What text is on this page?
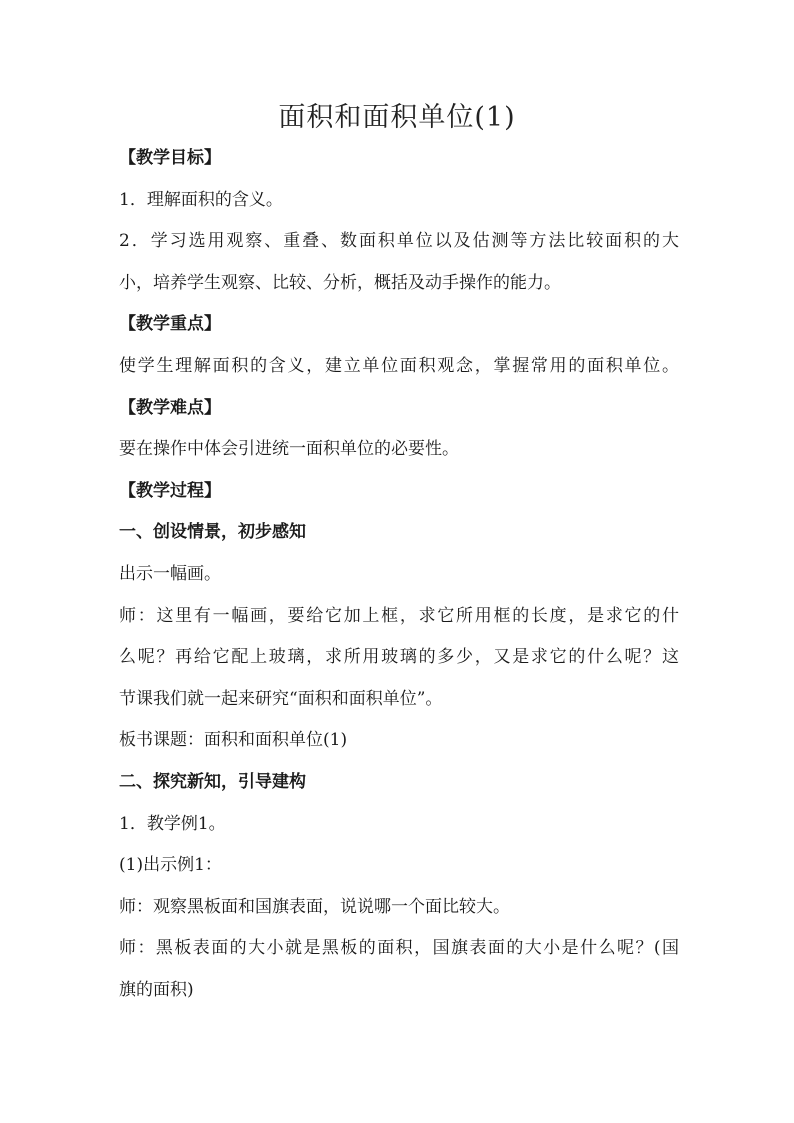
面积和面积单位(1)
【教学目标】
1．理解面积的含义。
2．学习选用观察、重叠、数面积单位以及估测等方法比较面积的大
小，培养学生观察、比较、分析，概括及动手操作的能力。
【教学重点】
使学生理解面积的含义，建立单位面积观念，掌握常用的面积单位。
【教学难点】
要在操作中体会引进统一面积单位的必要性。
【教学过程】
一、创设情景，初步感知
出示一幅画。
师：这里有一幅画，要给它加上框，求它所用框的长度，是求它的什
么呢？再给它配上玻璃，求所用玻璃的多少，又是求它的什么呢？这
节课我们就一起来研究“面积和面积单位”。
板书课题：面积和面积单位(1)
二、探究新知，引导建构
1．教学例1。
(1)出示例1：
师：观察黑板面和国旗表面，说说哪一个面比较大。
师：黑板表面的大小就是黑板的面积，国旗表面的大小是什么呢？(国
旗的面积)
